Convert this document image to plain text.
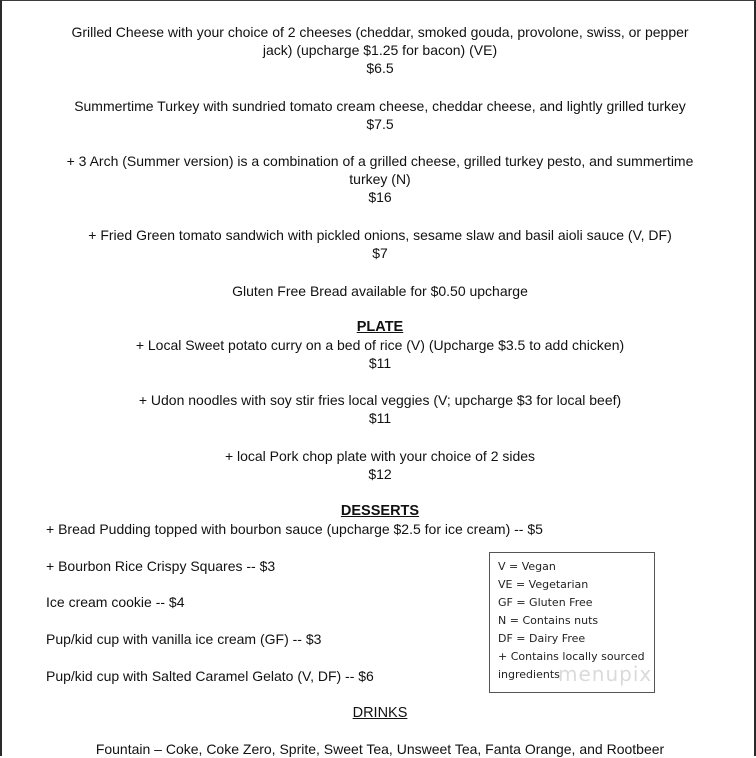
Grilled Cheese with your choice of 2 cheeses (cheddar, smoked gouda, provolone, swiss, or pepper
jack) (upcharge $1.25 for bacon) (VE)
$6.5
Summertime Turkey with sundried tomato cream cheese, cheddar cheese, and lightly grilled turkey
$7.5
+ 3 Arch (Summer version) is a combination of a grilled cheese, grilled turkey pesto, and summertime
turkey (N)
$16
+ Fried Green tomato sandwich with pickled onions, sesame slaw and basil aioli sauce (V, DF)
$7
Gluten Free Bread available for $0.50 upcharge
PLATE
+ Local Sweet potato curry on a bed of rice (V) (Upcharge $3.5 to add chicken)
$11
+ Udon noodles with soy stir fries local veggies (V; upcharge $3 for local beef)
$11
+ local Pork chop plate with your choice of 2 sides
$12
DESSERTS
+ Bread Pudding topped with bourbon sauce (upcharge $2.5 for ice cream) -- $5
+ Bourbon Rice Crispy Squares -- $3
Ice cream cookie -- $4
Pup/kid cup with vanilla ice cream (GF) -- $3
Pup/kid cup with Salted Caramel Gelato (V, DF) -- $6
V = Vegan
VE = Vegetarian
GF = Gluten Free
N = Contains nuts
DF = Dairy Free
+ Contains locally sourced
ingredients
menupix
DRINKS
Fountain – Coke, Coke Zero, Sprite, Sweet Tea, Unsweet Tea, Fanta Orange, and Rootbeer
